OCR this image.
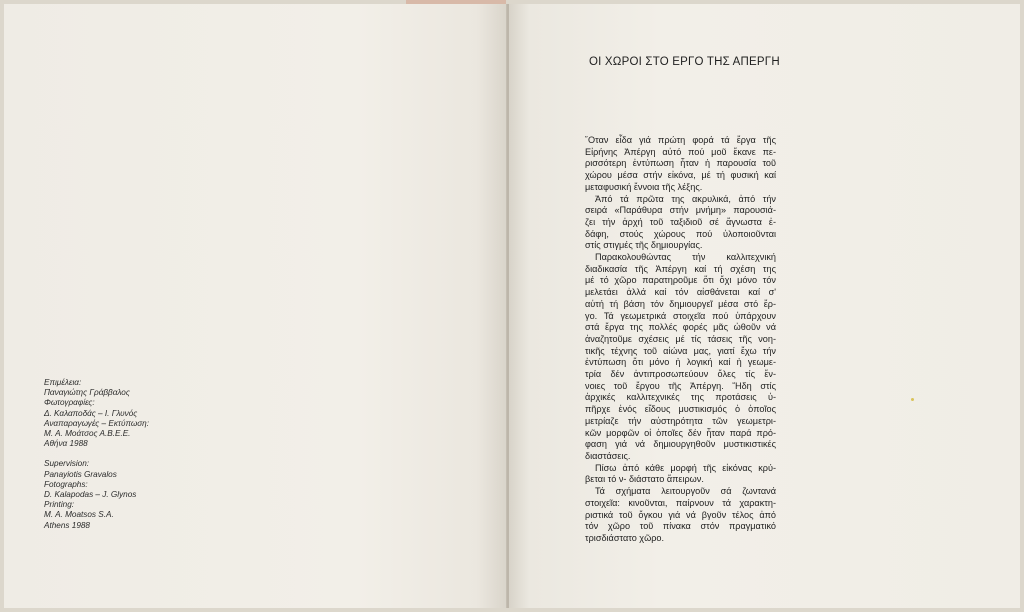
Επιμέλεια:
Παναγιώτης Γράββαλος
Φωτογραφίες:
Δ. Καλαποδάς – Ι. Γλυνός
Αναπαραγωγές – Εκτύπωση:
Μ. Α. Μοάτσος Α.Β.Ε.Ε.
Αθήνα 1988
Supervision:
Panayiotis Gravalos
Fotographs:
D. Kalapodas – J. Glynos
Printing:
M. A. Moatsos S.A.
Athens 1988
ΟΙ ΧΩΡΟΙ ΣΤΟ ΕΡΓΟ ΤΗΣ ΑΠΕΡΓΗ
῞Οταν εἶδα γιά πρώτη φορά τά ἔργα τῆς
Εἰρήνης Ἀπέργη αὐτό πού μοῦ ἔκανε πε-
ρισσότερη ἐντύπωση ἦταν ἡ παρουσία τοῦ
χώρου μέσα στήν εἰκόνα, μέ τή φυσική καί
μεταφυσική ἔννοια τῆς λέξης.
Ἀπό τά πρῶτα της ακρυλικά, ἀπό τήν
σειρά «Παράθυρα στήν μνήμη» παρουσιά-
ζει τήν ἀρχή τοῦ ταξιδιοῦ σέ ἄγνωστα ἐ-
δάφη, στούς χώρους πού ὑλοποιοῦνται
στίς στιγμές τῆς δημιουργίας.
Παρακολουθώντας τήν καλλιτεχνική
διαδικασία τῆς Ἀπέργη καί τή σχέση της
μέ τό χῶρο παρατηροῦμε ὅτι ὄχι μόνο τόν
μελετάει ἀλλά καί τόν αἰσθάνεται καί σ'
αὐτή τή βάση τόν δημιουργεῖ μέσα στό ἔρ-
γο. Τά γεωμετρικά στοιχεῖα πού ὑπάρχουν
στά ἔργα της πολλές φορές μᾶς ὠθοῦν νά
ἀναζητοῦμε σχέσεις μέ τίς τάσεις τῆς νοη-
τικῆς τέχνης τοῦ αἰώνα μας, γιατί ἔχω τήν
ἐντύπωση ὅτι μόνο ἡ λογική καί ἡ γεωμε-
τρία δέν ἀντιπροσωπεύουν ὅλες τίς ἔν-
νοιες τοῦ ἔργου τῆς Ἀπέργη. Ἤδη στίς
ἀρχικές καλλιτεχνικές της προτάσεις ὑ-
πῆρχε ἑνός εἴδους μυστικισμός ὁ ὁποῖος
μετρίαζε τήν αὐστηρότητα τῶν γεωμετρι-
κῶν μορφῶν οἱ ὁποῖες δέν ἦταν παρά πρό-
φαση γιά νά δημιουργηθοῦν μυστικιστικές
διαστάσεις.
Πίσω ἀπό κάθε μορφή τῆς εἰκόνας κρύ-
βεται τό ν- διάστατο ἄπειρων.
Τά σχήματα λειτουργοῦν σά ζωντανά
στοιχεῖα: κινοῦνται, παίρνουν τά χαρακτη-
ριστικά τοῦ ὄγκου γιά νά βγοῦν τέλος ἀπό
τόν χῶρο τοῦ πίνακα στόν πραγματικό
τρισδιάστατο χῶρο.
